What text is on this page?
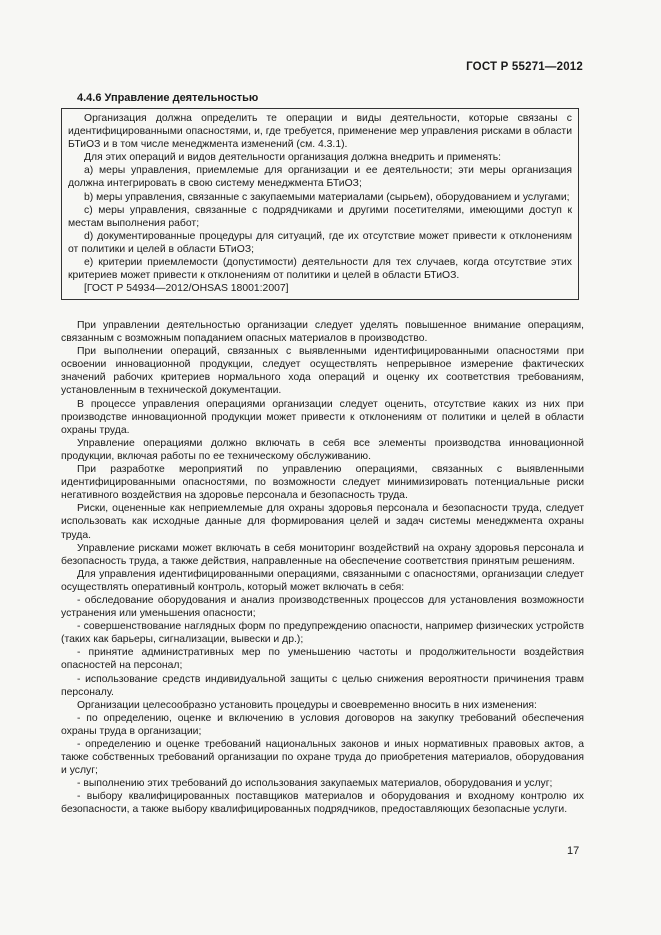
ГОСТ Р 55271—2012
4.4.6 Управление деятельностью

Организация должна определить те операции и виды деятельности, которые связаны с идентифицированными опасностями, и, где требуется, применение мер управления рисками в области БТиОЗ и в том числе менеджмента изменений (см. 4.3.1).

Для этих операций и видов деятельности организация должна внедрить и применять:

а) меры управления, приемлемые для организации и ее деятельности; эти меры организация должна интегрировать в свою систему менеджмента БТиОЗ;

b) меры управления, связанные с закупаемыми материалами (сырьем), оборудованием и услугами;

c) меры управления, связанные с подрядчиками и другими посетителями, имеющими доступ к местам выполнения работ;

d) документированные процедуры для ситуаций, где их отсутствие может привести к отклонениям от политики и целей в области БТиОЗ;

е) критерии приемлемости (допустимости) деятельности для тех случаев, когда отсутствие этих критериев может привести к отклонениям от политики и целей в области БТиОЗ.

[ГОСТ Р 54934—2012/OHSAS 18001:2007]

При управлении деятельностью организации следует уделять повышенное внимание операциям, связанным с возможным попаданием опасных материалов в производство.

При выполнении операций, связанных с выявленными идентифицированными опасностями при освоении инновационной продукции, следует осуществлять непрерывное измерение фактических значений рабочих критериев нормального хода операций и оценку их соответствия требованиям, установленным в технической документации.

В процессе управления операциями организации следует оценить, отсутствие каких из них при производстве инновационной продукции может привести к отклонениям от политики и целей в области охраны труда.

Управление операциями должно включать в себя все элементы производства инновационной продукции, включая работы по ее техническому обслуживанию.

При разработке мероприятий по управлению операциями, связанных с выявленными идентифицированными опасностями, по возможности следует минимизировать потенциальные риски негативного воздействия на здоровье персонала и безопасность труда.

Риски, оцененные как неприемлемые для охраны здоровья персонала и безопасности труда, следует использовать как исходные данные для формирования целей и задач системы менеджмента охраны труда.

Управление рисками может включать в себя мониторинг воздействий на охрану здоровья персонала и безопасность труда, а также действия, направленные на обеспечение соответствия принятым решениям.

Для управления идентифицированными операциями, связанными с опасностями, организации следует осуществлять оперативный контроль, который может включать в себя:

- обследование оборудования и анализ производственных процессов для установления возможности устранения или уменьшения опасности;

- совершенствование наглядных форм по предупреждению опасности, например физических устройств (таких как барьеры, сигнализации, вывески и др.);

- принятие административных мер по уменьшению частоты и продолжительности воздействия опасностей на персонал;

- использование средств индивидуальной защиты с целью снижения вероятности причинения травм персоналу.

Организации целесообразно установить процедуры и своевременно вносить в них изменения:

- по определению, оценке и включению в условия договоров на закупку требований обеспечения охраны труда в организации;

- определению и оценке требований национальных законов и иных нормативных правовых актов, а также собственных требований организации по охране труда до приобретения материалов, оборудования и услуг;

- выполнению этих требований до использования закупаемых материалов, оборудования и услуг;

- выбору квалифицированных поставщиков материалов и оборудования и входному контролю их безопасности, а также выбору квалифицированных подрядчиков, предоставляющих безопасные услуги.

17
